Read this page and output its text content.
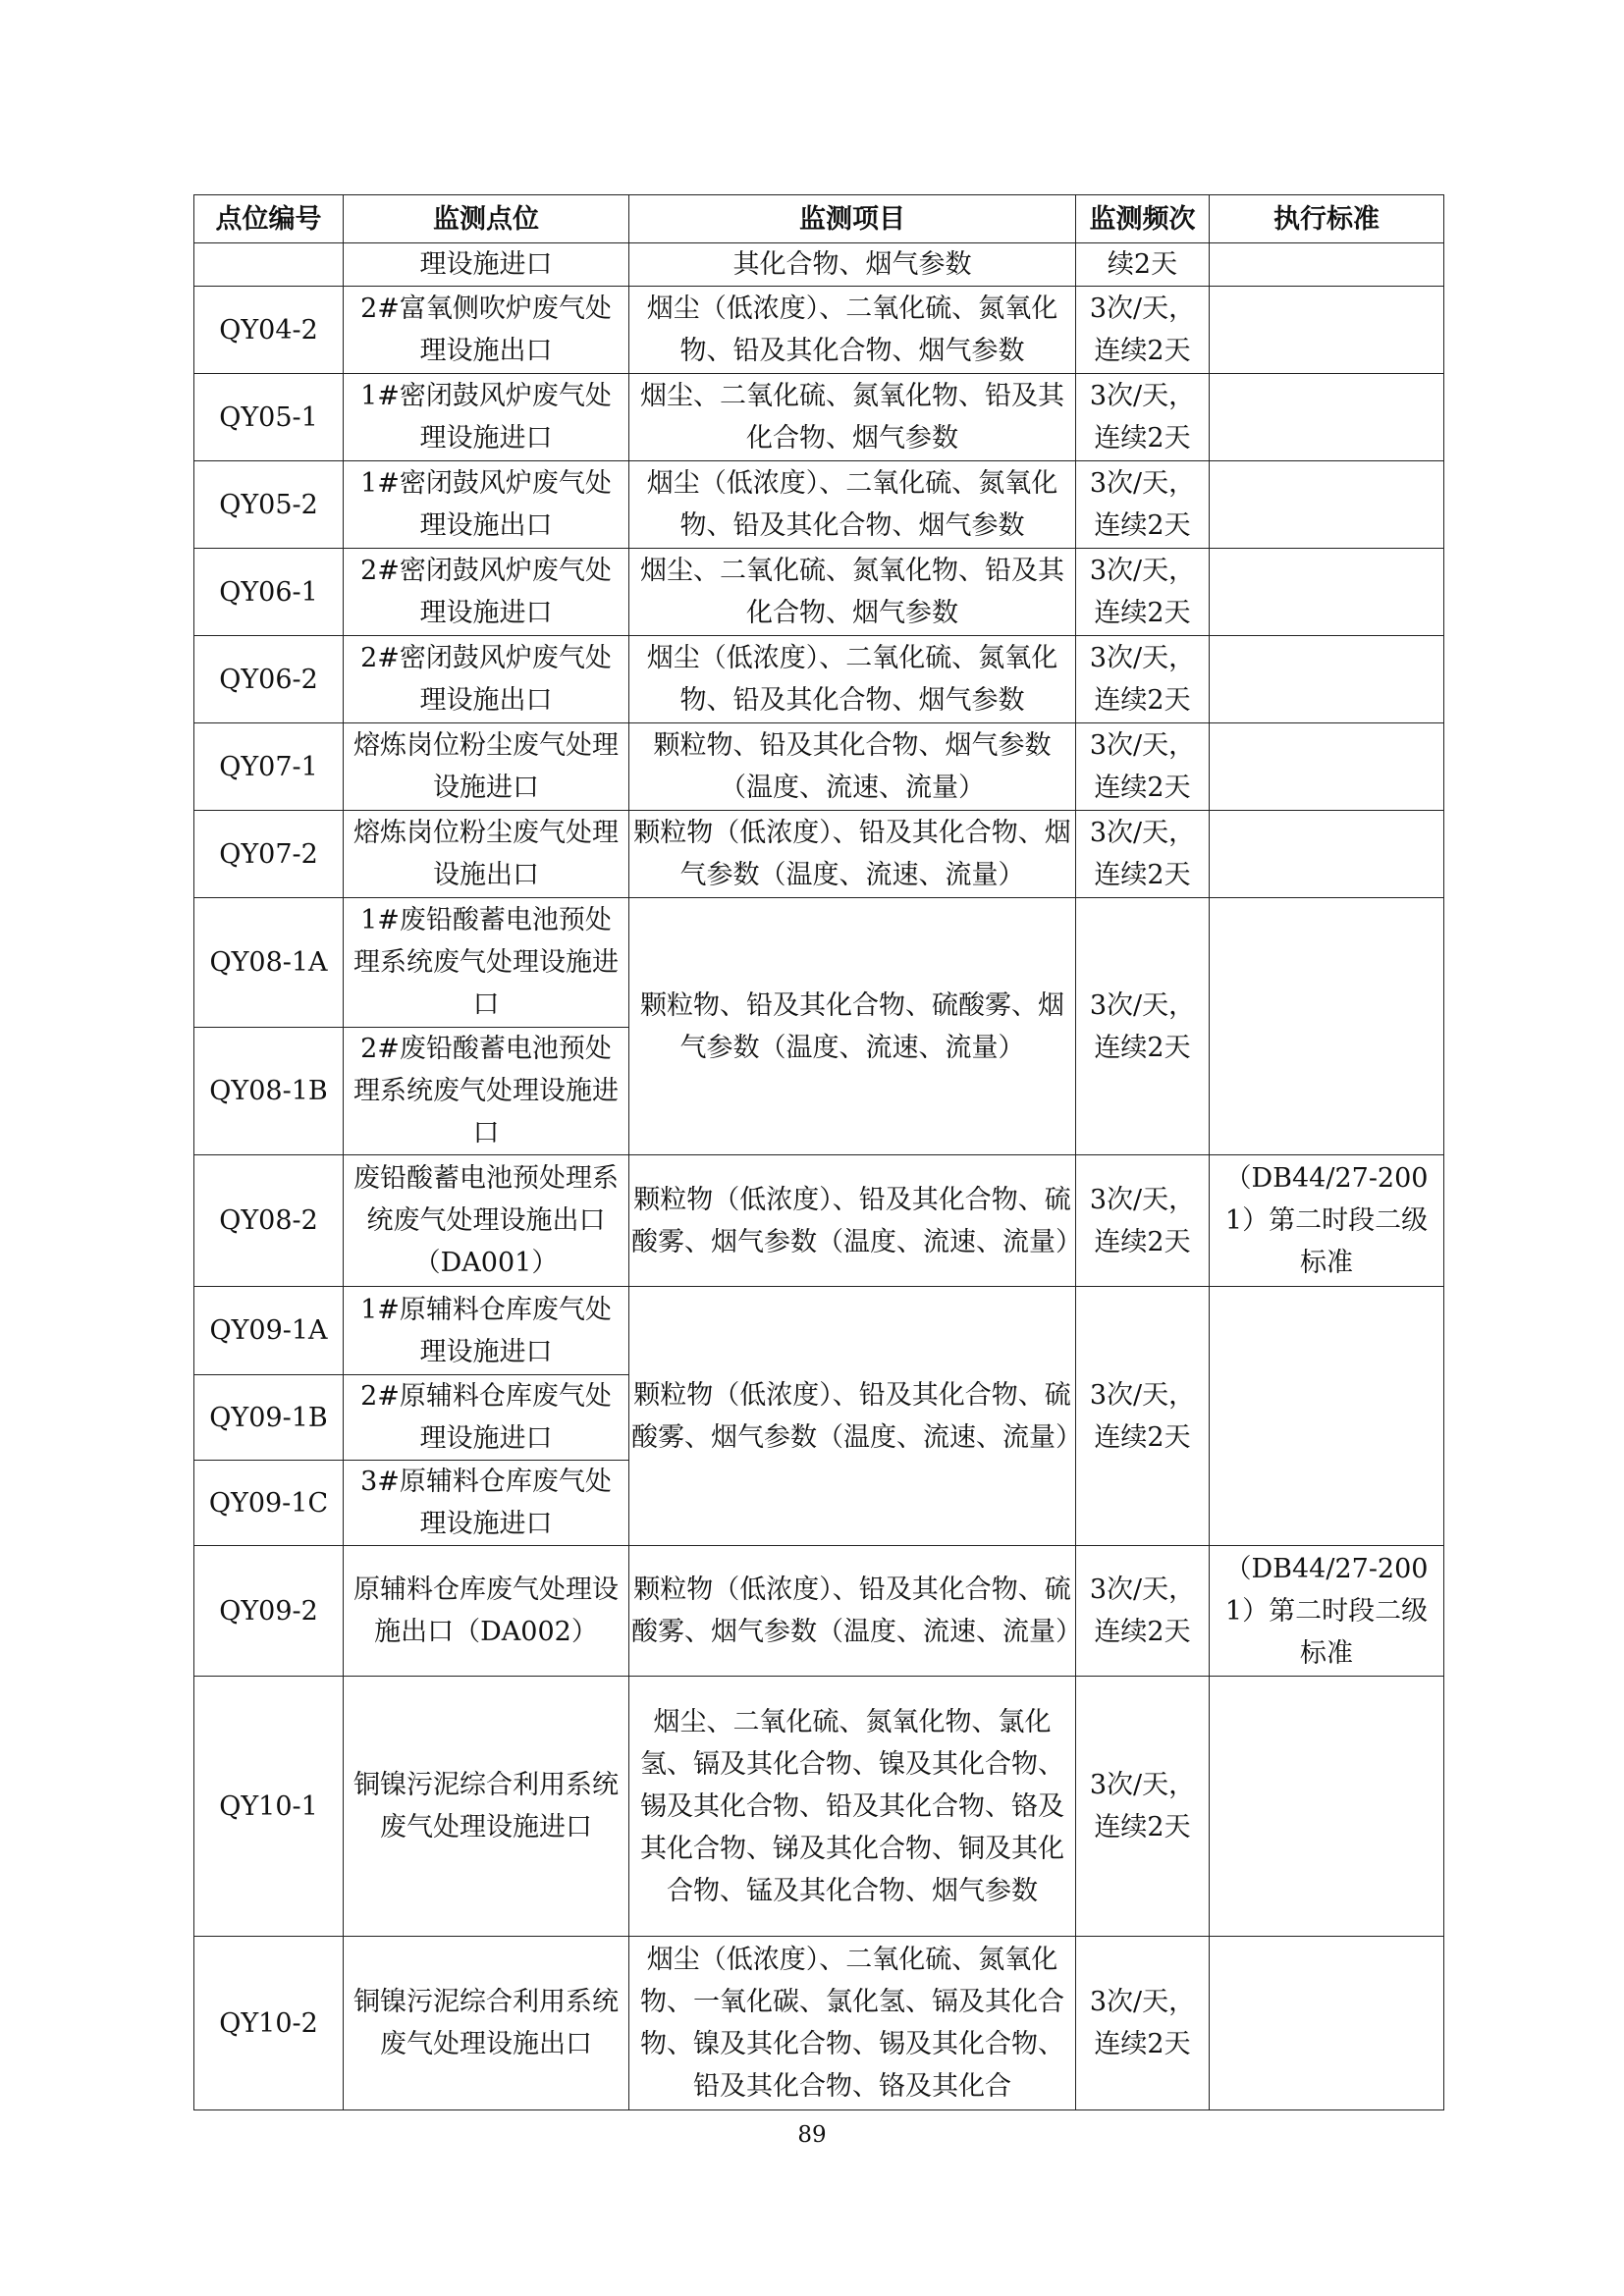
点位编号	监测点位	监测项目	监测频次	执行标准
	理设施进口	其化合物、烟气参数	续2天	
QY04-2	2#富氧侧吹炉废气处理设施出口	烟尘（低浓度）、二氧化硫、氮氧化物、铅及其化合物、烟气参数	3次/天，连续2天	
QY05-1	1#密闭鼓风炉废气处理设施进口	烟尘、二氧化硫、氮氧化物、铅及其化合物、烟气参数	3次/天，连续2天	
QY05-2	1#密闭鼓风炉废气处理设施出口	烟尘（低浓度）、二氧化硫、氮氧化物、铅及其化合物、烟气参数	3次/天，连续2天	
QY06-1	2#密闭鼓风炉废气处理设施进口	烟尘、二氧化硫、氮氧化物、铅及其化合物、烟气参数	3次/天，连续2天	
QY06-2	2#密闭鼓风炉废气处理设施出口	烟尘（低浓度）、二氧化硫、氮氧化物、铅及其化合物、烟气参数	3次/天，连续2天	
QY07-1	熔炼岗位粉尘废气处理设施进口	颗粒物、铅及其化合物、烟气参数（温度、流速、流量）	3次/天，连续2天	
QY07-2	熔炼岗位粉尘废气处理设施出口	颗粒物（低浓度）、铅及其化合物、烟气参数（温度、流速、流量）	3次/天，连续2天	
QY08-1A	1#废铅酸蓄电池预处理系统废气处理设施进口	颗粒物、铅及其化合物、硫酸雾、烟气参数（温度、流速、流量）	3次/天，连续2天	
QY08-1B	2#废铅酸蓄电池预处理系统废气处理设施进口			
QY08-2	废铅酸蓄电池预处理系统废气处理设施出口（DA001）	颗粒物（低浓度）、铅及其化合物、硫酸雾、烟气参数（温度、流速、流量）	3次/天，连续2天	（DB44/27-2001）第二时段二级标准
QY09-1A	1#原辅料仓库废气处理设施进口	颗粒物（低浓度）、铅及其化合物、硫酸雾、烟气参数（温度、流速、流量）	3次/天，连续2天	
QY09-1B	2#原辅料仓库废气处理设施进口			
QY09-1C	3#原辅料仓库废气处理设施进口			
QY09-2	原辅料仓库废气处理设施出口（DA002）	颗粒物（低浓度）、铅及其化合物、硫酸雾、烟气参数（温度、流速、流量）	3次/天，连续2天	（DB44/27-2001）第二时段二级标准
QY10-1	铜镍污泥综合利用系统废气处理设施进口	烟尘、二氧化硫、氮氧化物、氯化氢、镉及其化合物、镍及其化合物、锡及其化合物、铅及其化合物、铬及其化合物、锑及其化合物、铜及其化合物、锰及其化合物、烟气参数	3次/天，连续2天	
QY10-2	铜镍污泥综合利用系统废气处理设施出口	烟尘（低浓度）、二氧化硫、氮氧化物、一氧化碳、氯化氢、镉及其化合物、镍及其化合物、锡及其化合物、铅及其化合物、铬及其化合	3次/天，连续2天	
89
